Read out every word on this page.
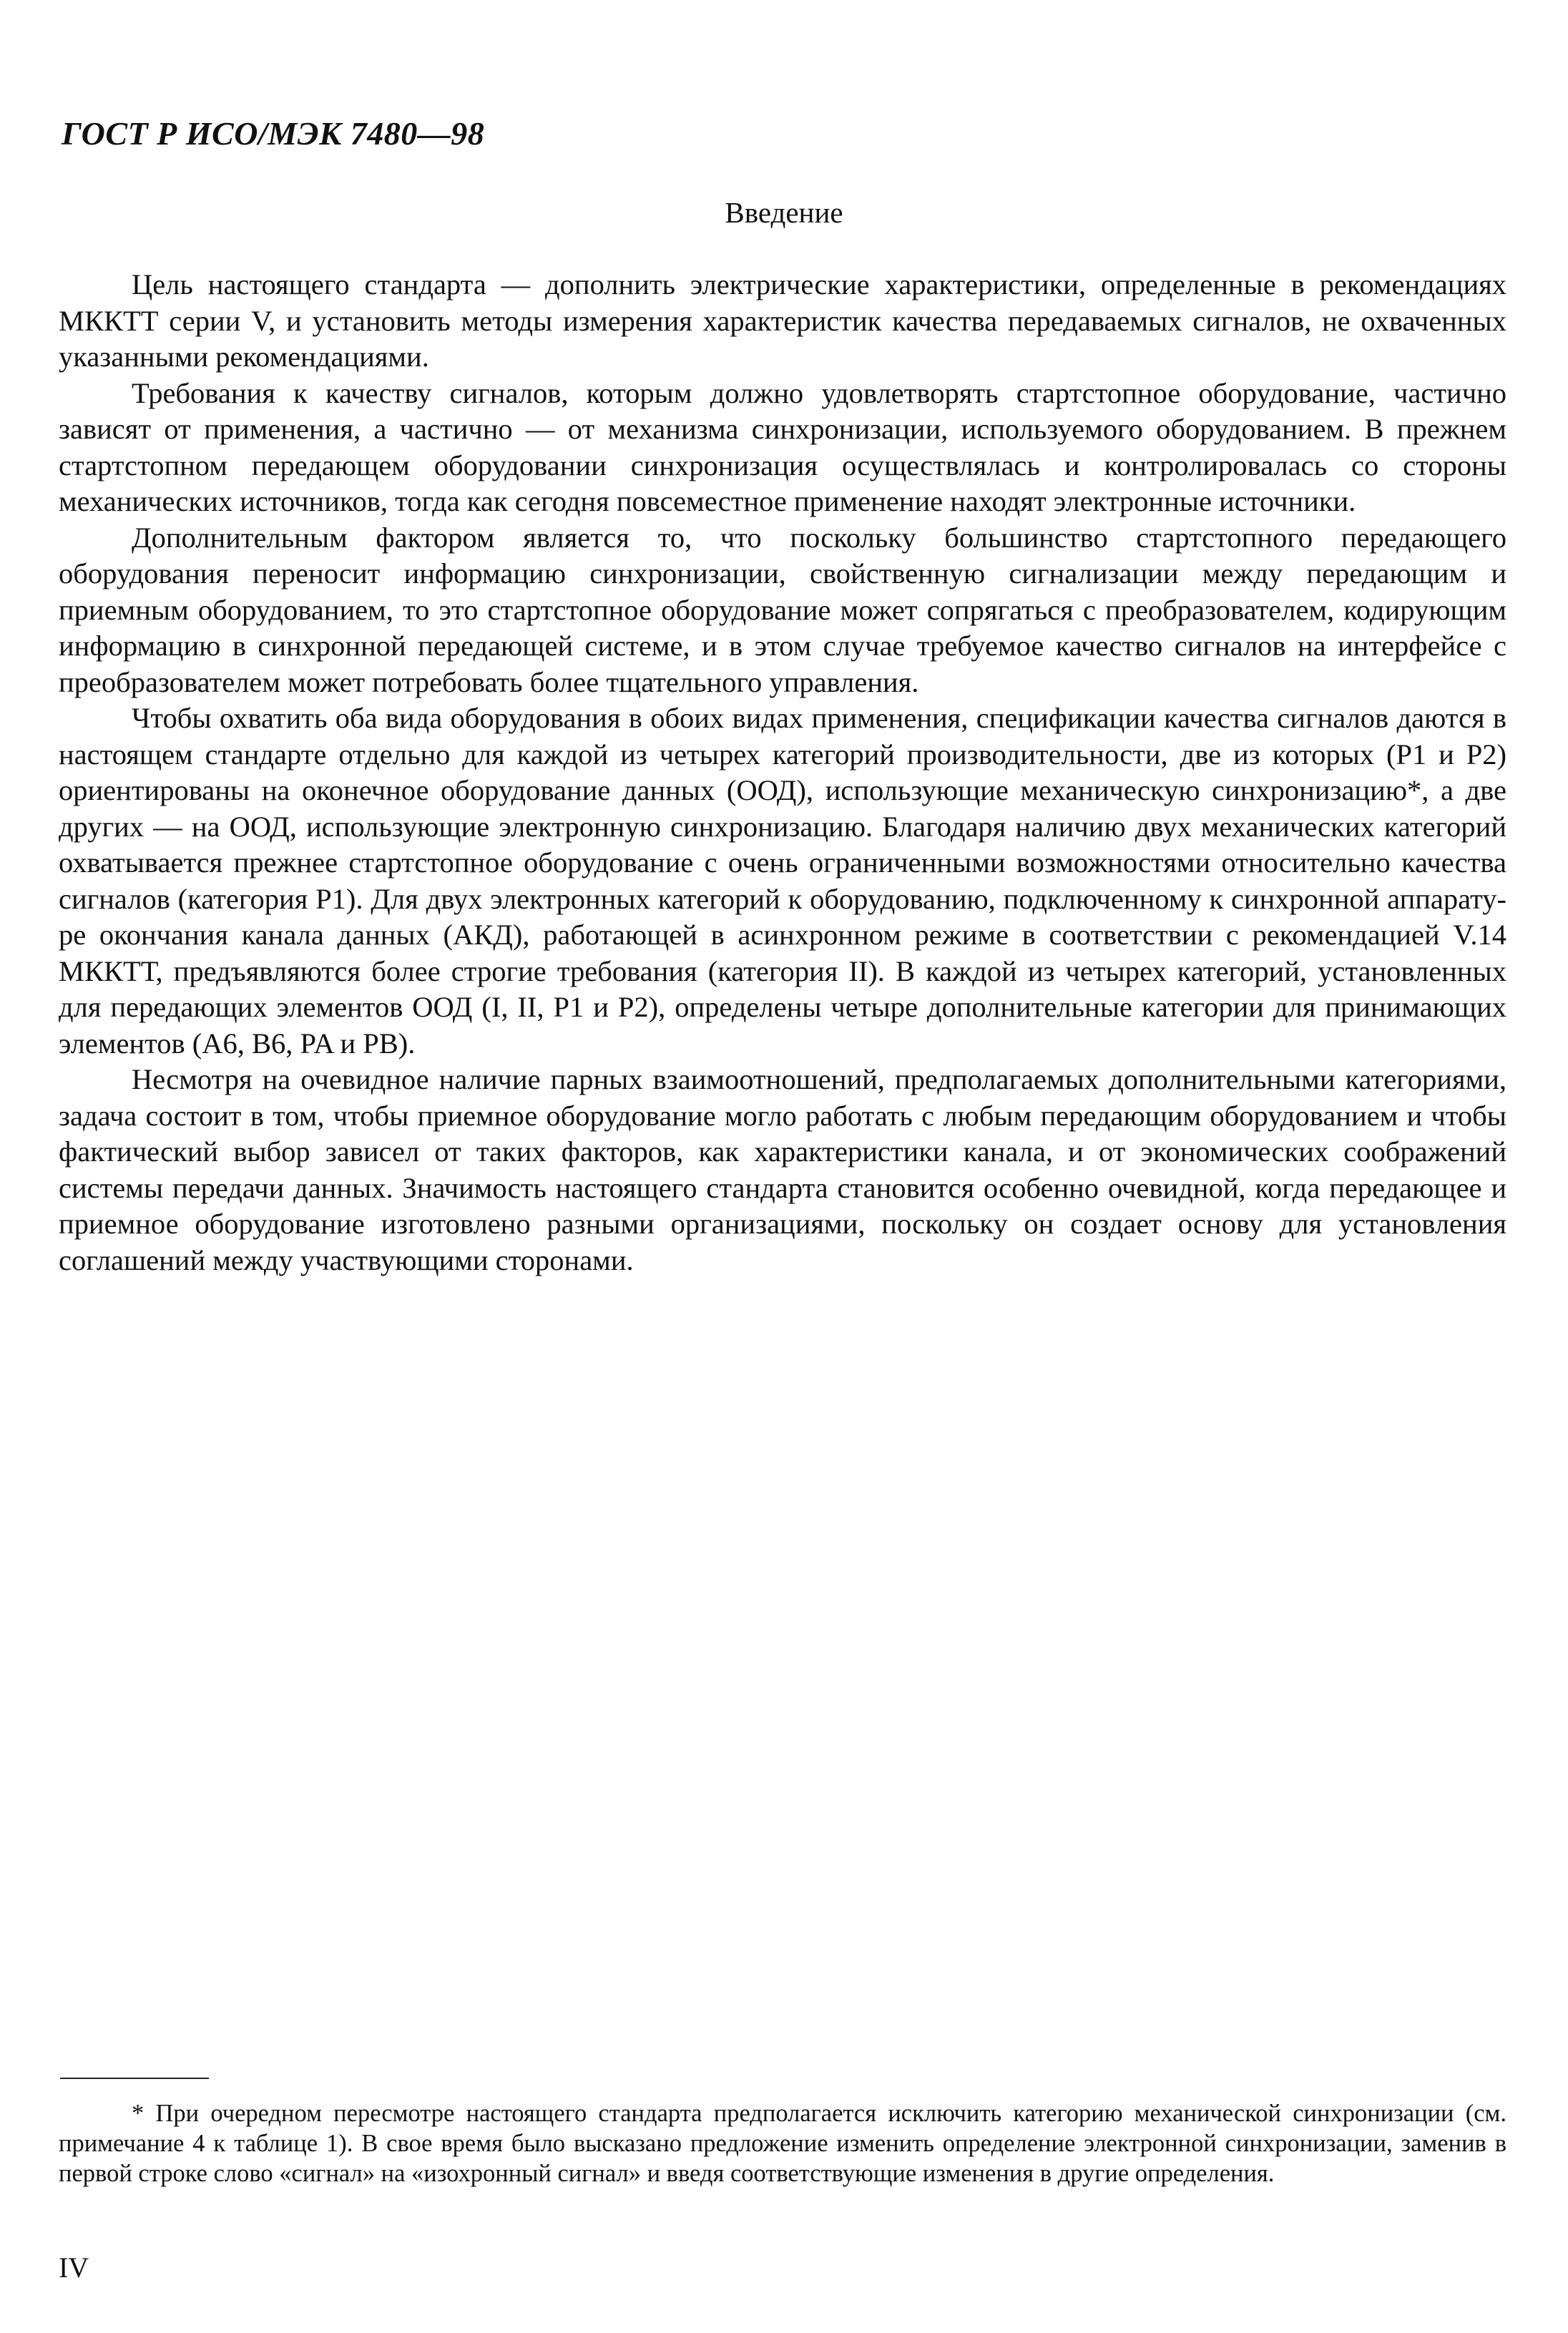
ГОСТ Р ИСО/МЭК 7480—98
Введение

Цель настоящего стандарта — дополнить электрические характеристики, определенные в рекомендациях МККТТ серии V, и установить методы измерения характеристик качества передаваемых сигналов, не охваченных указанными рекомендациями.

Требования к качеству сигналов, которым должно удовлетворять стартстопное оборудование, частично зависят от применения, а частично — от механизма синхронизации, используемого оборудованием. В прежнем стартстопном передающем оборудовании синхронизация осуществлялась и контролировалась со стороны механических источников, тогда как сегодня повсеместное применение находят электронные источники.

Дополнительным фактором является то, что поскольку большинство стартстопного передающего оборудования переносит информацию синхронизации, свойственную сигнализации между передающим и приемным оборудованием, то это стартстопное оборудование может сопрягаться с преобразователем, кодирующим информацию в синхронной передающей системе, и в этом случае требуемое качество сигналов на интерфейсе с преобразователем может потребовать более тщательного управления.

Чтобы охватить оба вида оборудования в обоих видах применения, спецификации качества сигналов даются в настоящем стандарте отдельно для каждой из четырех категорий производительности, две из которых (P1 и P2) ориентированы на оконечное оборудование данных (ООД), использующие механическую синхронизацию*, а две других — на ООД, использующие электронную синхронизацию. Благодаря наличию двух механических категорий охватывается прежнее стартстопное оборудование с очень ограниченными возможностями относительно качества сигналов (категория P1). Для двух электронных категорий к оборудованию, подключенному к синхронной аппаратуре окончания канала данных (АКД), работающей в асинхронном режиме в соответствии с рекомендацией V.14 МККТТ, предъявляются более строгие требования (категория II). В каждой из четырех категорий, установленных для передающих элементов ООД (I, II, P1 и P2), определены четыре дополнительные категории для принимающих элементов (A6, B6, PA и PB).

Несмотря на очевидное наличие парных взаимоотношений, предполагаемых дополнительными категориями, задача состоит в том, чтобы приемное оборудование могло работать с любым передающим оборудованием и чтобы фактический выбор зависел от таких факторов, как характеристики канала, и от экономических соображений системы передачи данных. Значимость настоящего стандарта становится особенно очевидной, когда передающее и приемное оборудование изготовлено разными организациями, поскольку он создает основу для установления соглашений между участвующими сторонами.

* При очередном пересмотре настоящего стандарта предполагается исключить категорию механической синхронизации (см. примечание 4 к таблице 1). В свое время было высказано предложение изменить определение электронной синхронизации, заменив в первой строке слово «сигнал» на «изохронный сигнал» и введя соответствующие изменения в другие определения.

IV
